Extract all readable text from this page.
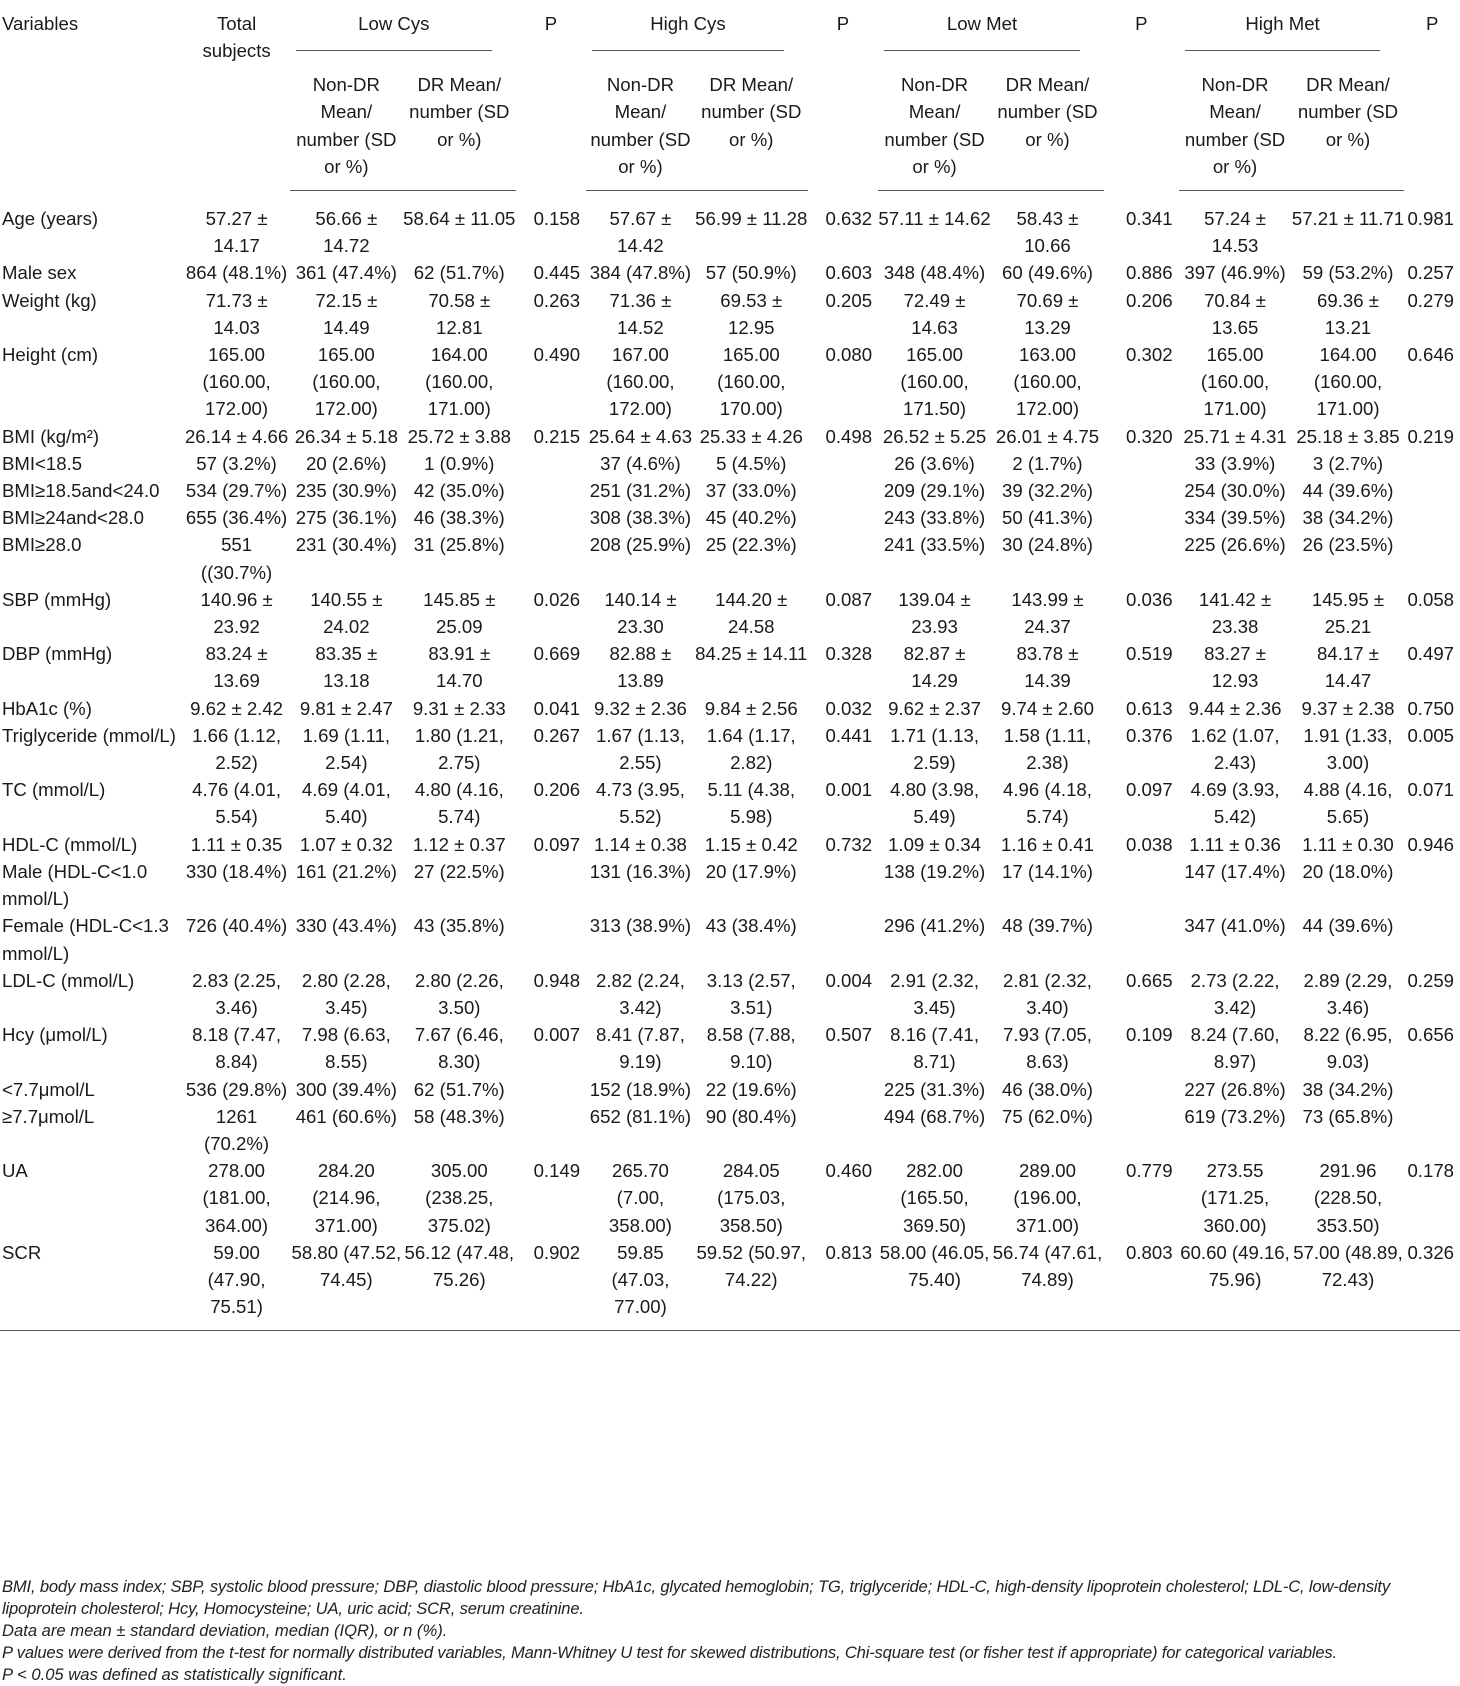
Variables	Total subjects	Low Cys		P	High Cys		P	Low Met		P	High Met		P
		Non-DR Mean/ number (SD or %)	DR Mean/ number (SD or %)		Non-DR Mean/ number (SD or %)	DR Mean/ number (SD or %)		Non-DR Mean/ number (SD or %)	DR Mean/ number (SD or %)		Non-DR Mean/ number (SD or %)	DR Mean/ number (SD or %)	
Age (years)	57.27 ± 14.17	56.66 ± 14.72	58.64 ± 11.05	0.158	57.67 ± 14.42	56.99 ± 11.28	0.632	57.11 ± 14.62	58.43 ± 10.66	0.341	57.24 ± 14.53	57.21 ± 11.71	0.981
Male sex	864 (48.1%)	361 (47.4%)	62 (51.7%)	0.445	384 (47.8%)	57 (50.9%)	0.603	348 (48.4%)	60 (49.6%)	0.886	397 (46.9%)	59 (53.2%)	0.257
Weight (kg)	71.73 ± 14.03	72.15 ± 14.49	70.58 ± 12.81	0.263	71.36 ± 14.52	69.53 ± 12.95	0.205	72.49 ± 14.63	70.69 ± 13.29	0.206	70.84 ± 13.65	69.36 ± 13.21	0.279
Height (cm)	165.00 (160.00, 172.00)	165.00 (160.00, 172.00)	164.00 (160.00, 171.00)	0.490	167.00 (160.00, 172.00)	165.00 (160.00, 170.00)	0.080	165.00 (160.00, 171.50)	163.00 (160.00, 172.00)	0.302	165.00 (160.00, 171.00)	164.00 (160.00, 171.00)	0.646
BMI (kg/m²)	26.14 ± 4.66	26.34 ± 5.18	25.72 ± 3.88	0.215	25.64 ± 4.63	25.33 ± 4.26	0.498	26.52 ± 5.25	26.01 ± 4.75	0.320	25.71 ± 4.31	25.18 ± 3.85	0.219
BMI<18.5	57 (3.2%)	20 (2.6%)	1 (0.9%)		37 (4.6%)	5 (4.5%)		26 (3.6%)	2 (1.7%)		33 (3.9%)	3 (2.7%)	
BMI≥18.5and<24.0	534 (29.7%)	235 (30.9%)	42 (35.0%)		251 (31.2%)	37 (33.0%)		209 (29.1%)	39 (32.2%)		254 (30.0%)	44 (39.6%)	
BMI≥24and<28.0	655 (36.4%)	275 (36.1%)	46 (38.3%)		308 (38.3%)	45 (40.2%)		243 (33.8%)	50 (41.3%)		334 (39.5%)	38 (34.2%)	
BMI≥28.0	551 ((30.7%)	231 (30.4%)	31 (25.8%)		208 (25.9%)	25 (22.3%)		241 (33.5%)	30 (24.8%)		225 (26.6%)	26 (23.5%)	
SBP (mmHg)	140.96 ± 23.92	140.55 ± 24.02	145.85 ± 25.09	0.026	140.14 ± 23.30	144.20 ± 24.58	0.087	139.04 ± 23.93	143.99 ± 24.37	0.036	141.42 ± 23.38	145.95 ± 25.21	0.058
DBP (mmHg)	83.24 ± 13.69	83.35 ± 13.18	83.91 ± 14.70	0.669	82.88 ± 13.89	84.25 ± 14.11	0.328	82.87 ± 14.29	83.78 ± 14.39	0.519	83.27 ± 12.93	84.17 ± 14.47	0.497
HbA1c (%)	9.62 ± 2.42	9.81 ± 2.47	9.31 ± 2.33	0.041	9.32 ± 2.36	9.84 ± 2.56	0.032	9.62 ± 2.37	9.74 ± 2.60	0.613	9.44 ± 2.36	9.37 ± 2.38	0.750
Triglyceride (mmol/L)	1.66 (1.12, 2.52)	1.69 (1.11, 2.54)	1.80 (1.21, 2.75)	0.267	1.67 (1.13, 2.55)	1.64 (1.17, 2.82)	0.441	1.71 (1.13, 2.59)	1.58 (1.11, 2.38)	0.376	1.62 (1.07, 2.43)	1.91 (1.33, 3.00)	0.005
TC (mmol/L)	4.76 (4.01, 5.54)	4.69 (4.01, 5.40)	4.80 (4.16, 5.74)	0.206	4.73 (3.95, 5.52)	5.11 (4.38, 5.98)	0.001	4.80 (3.98, 5.49)	4.96 (4.18, 5.74)	0.097	4.69 (3.93, 5.42)	4.88 (4.16, 5.65)	0.071
HDL-C (mmol/L)	1.11 ± 0.35	1.07 ± 0.32	1.12 ± 0.37	0.097	1.14 ± 0.38	1.15 ± 0.42	0.732	1.09 ± 0.34	1.16 ± 0.41	0.038	1.11 ± 0.36	1.11 ± 0.30	0.946
Male (HDL-C<1.0 mmol/L)	330 (18.4%)	161 (21.2%)	27 (22.5%)		131 (16.3%)	20 (17.9%)		138 (19.2%)	17 (14.1%)		147 (17.4%)	20 (18.0%)	
Female (HDL-C<1.3 mmol/L)	726 (40.4%)	330 (43.4%)	43 (35.8%)		313 (38.9%)	43 (38.4%)		296 (41.2%)	48 (39.7%)		347 (41.0%)	44 (39.6%)	
LDL-C (mmol/L)	2.83 (2.25, 3.46)	2.80 (2.28, 3.45)	2.80 (2.26, 3.50)	0.948	2.82 (2.24, 3.42)	3.13 (2.57, 3.51)	0.004	2.91 (2.32, 3.45)	2.81 (2.32, 3.40)	0.665	2.73 (2.22, 3.42)	2.89 (2.29, 3.46)	0.259
Hcy (μmol/L)	8.18 (7.47, 8.84)	7.98 (6.63, 8.55)	7.67 (6.46, 8.30)	0.007	8.41 (7.87, 9.19)	8.58 (7.88, 9.10)	0.507	8.16 (7.41, 8.71)	7.93 (7.05, 8.63)	0.109	8.24 (7.60, 8.97)	8.22 (6.95, 9.03)	0.656
<7.7μmol/L	536 (29.8%)	300 (39.4%)	62 (51.7%)		152 (18.9%)	22 (19.6%)		225 (31.3%)	46 (38.0%)		227 (26.8%)	38 (34.2%)	
≥7.7μmol/L	1261 (70.2%)	461 (60.6%)	58 (48.3%)		652 (81.1%)	90 (80.4%)		494 (68.7%)	75 (62.0%)		619 (73.2%)	73 (65.8%)	
UA	278.00 (181.00, 364.00)	284.20 (214.96, 371.00)	305.00 (238.25, 375.02)	0.149	265.70 (7.00, 358.00)	284.05 (175.03, 358.50)	0.460	282.00 (165.50, 369.50)	289.00 (196.00, 371.00)	0.779	273.55 (171.25, 360.00)	291.96 (228.50, 353.50)	0.178
SCR	59.00 (47.90, 75.51)	58.80 (47.52, 74.45)	56.12 (47.48, 75.26)	0.902	59.85 (47.03, 77.00)	59.52 (50.97, 74.22)	0.813	58.00 (46.05, 75.40)	56.74 (47.61, 74.89)	0.803	60.60 (49.16, 75.96)	57.00 (48.89, 72.43)	0.326

BMI, body mass index; SBP, systolic blood pressure; DBP, diastolic blood pressure; HbA1c, glycated hemoglobin; TG, triglyceride; HDL-C, high-density lipoprotein cholesterol; LDL-C, low-density lipoprotein cholesterol; Hcy, Homocysteine; UA, uric acid; SCR, serum creatinine.

Data are mean ± standard deviation, median (IQR), or n (%).

P values were derived from the t-test for normally distributed variables, Mann-Whitney U test for skewed distributions, Chi-square test (or fisher test if appropriate) for categorical variables.

P < 0.05 was defined as statistically significant.
